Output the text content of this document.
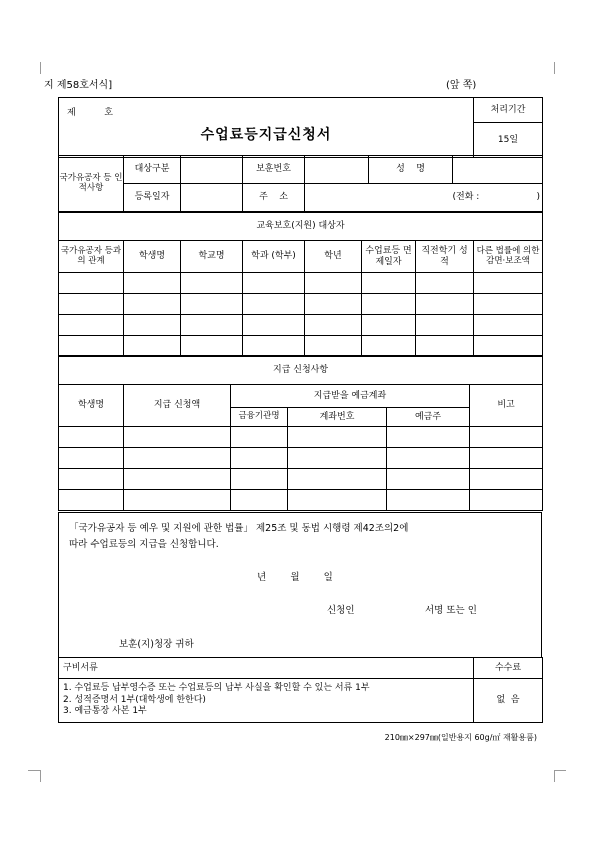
지 제58호서식]	(앞 쪽)
제          호
수업료등지급신청서	처리기간
15일
국가유공자 등 인적사항	대상구분		보훈번호		성    명	
	등록일자		주    소			(전화 :                    )
교육보호(지원) 대상자							
국가유공자 등과의 관계	학생명	학교명	학과 (학부)	학년	수업료등 면제일자	직전학기 성 적	다른 법률에 의한 감면·보조액

지급 신청사항					
학생명	지급 신청액	지급받을 예금계좌			비고
		금융기관명	계좌번호	예금주	

「국가유공자 등 예우 및 지원에 관한 법률」 제25조 및 동법 시행령 제42조의2에

따라 수업료등의 지급을 신청합니다.

년        월        일
신청인	서명 또는 인
보훈(지)청장 귀하
구비서류	수수료

1. 수업료등 납부영수증 또는 수업료등의 납부 사실을 확인할 수 있는 서류 1부

2. 성적증명서 1부(대학생에 한한다)

3. 예금통장 사본 1부	없  음
210㎜×297㎜(일반용지 60g/㎡ 재활용품)
